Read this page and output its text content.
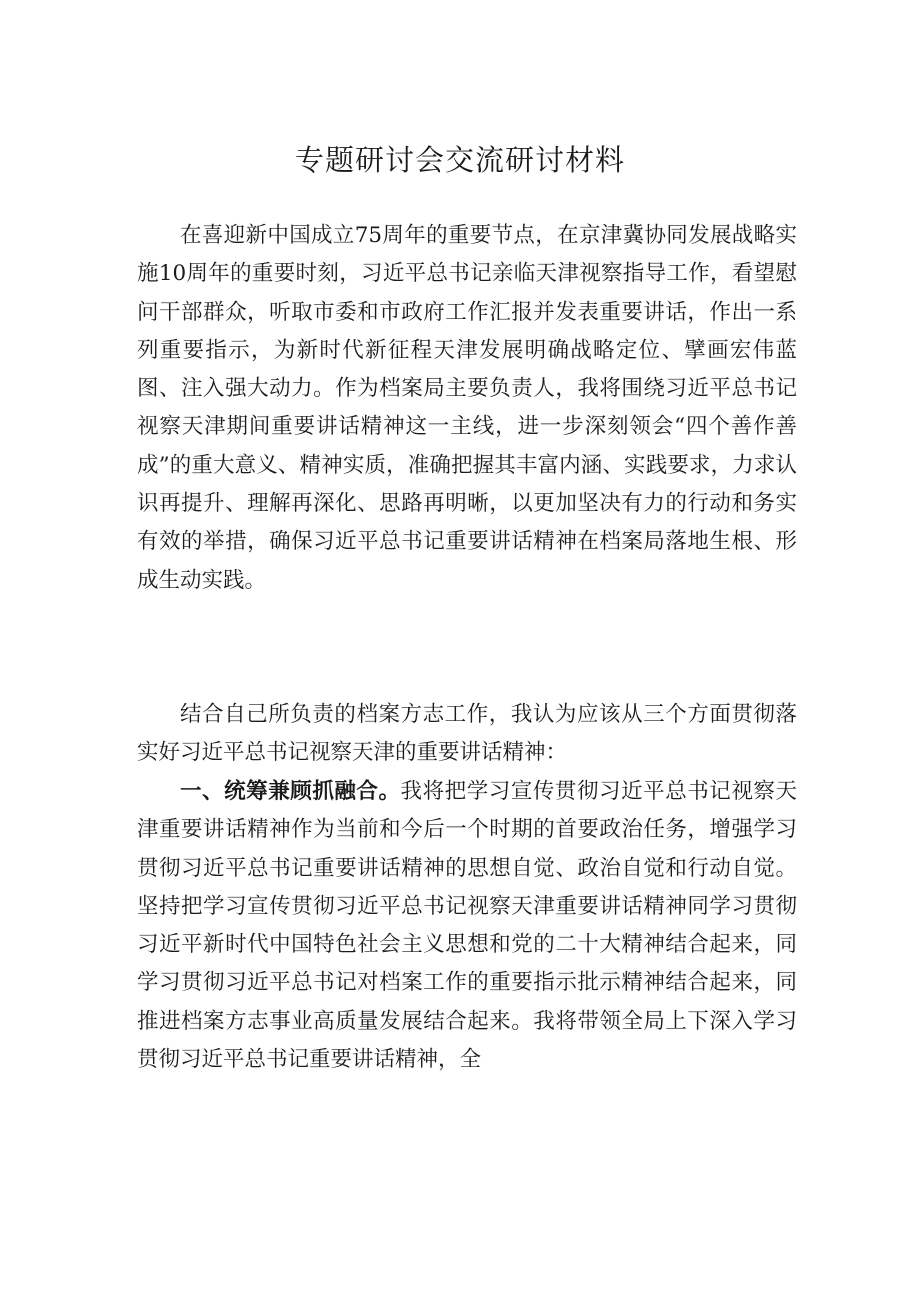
专题研讨会交流研讨材料

在喜迎新中国成立75周年的重要节点，在京津冀协同发展战略实施10周年的重要时刻，习近平总书记亲临天津视察指导工作，看望慰问干部群众，听取市委和市政府工作汇报并发表重要讲话，作出一系列重要指示，为新时代新征程天津发展明确战略定位、擘画宏伟蓝图、注入强大动力。作为档案局主要负责人，我将围绕习近平总书记视察天津期间重要讲话精神这一主线，进一步深刻领会“四个善作善成”的重大意义、精神实质，准确把握其丰富内涵、实践要求，力求认识再提升、理解再深化、思路再明晰，以更加坚决有力的行动和务实有效的举措，确保习近平总书记重要讲话精神在档案局落地生根、形成生动实践。

结合自己所负责的档案方志工作，我认为应该从三个方面贯彻落实好习近平总书记视察天津的重要讲话精神：

一、统筹兼顾抓融合。我将把学习宣传贯彻习近平总书记视察天津重要讲话精神作为当前和今后一个时期的首要政治任务，增强学习贯彻习近平总书记重要讲话精神的思想自觉、政治自觉和行动自觉。坚持把学习宣传贯彻习近平总书记视察天津重要讲话精神同学习贯彻习近平新时代中国特色社会主义思想和党的二十大精神结合起来，同学习贯彻习近平总书记对档案工作的重要指示批示精神结合起来，同推进档案方志事业高质量发展结合起来。我将带领全局上下深入学习贯彻习近平总书记重要讲话精神，全
